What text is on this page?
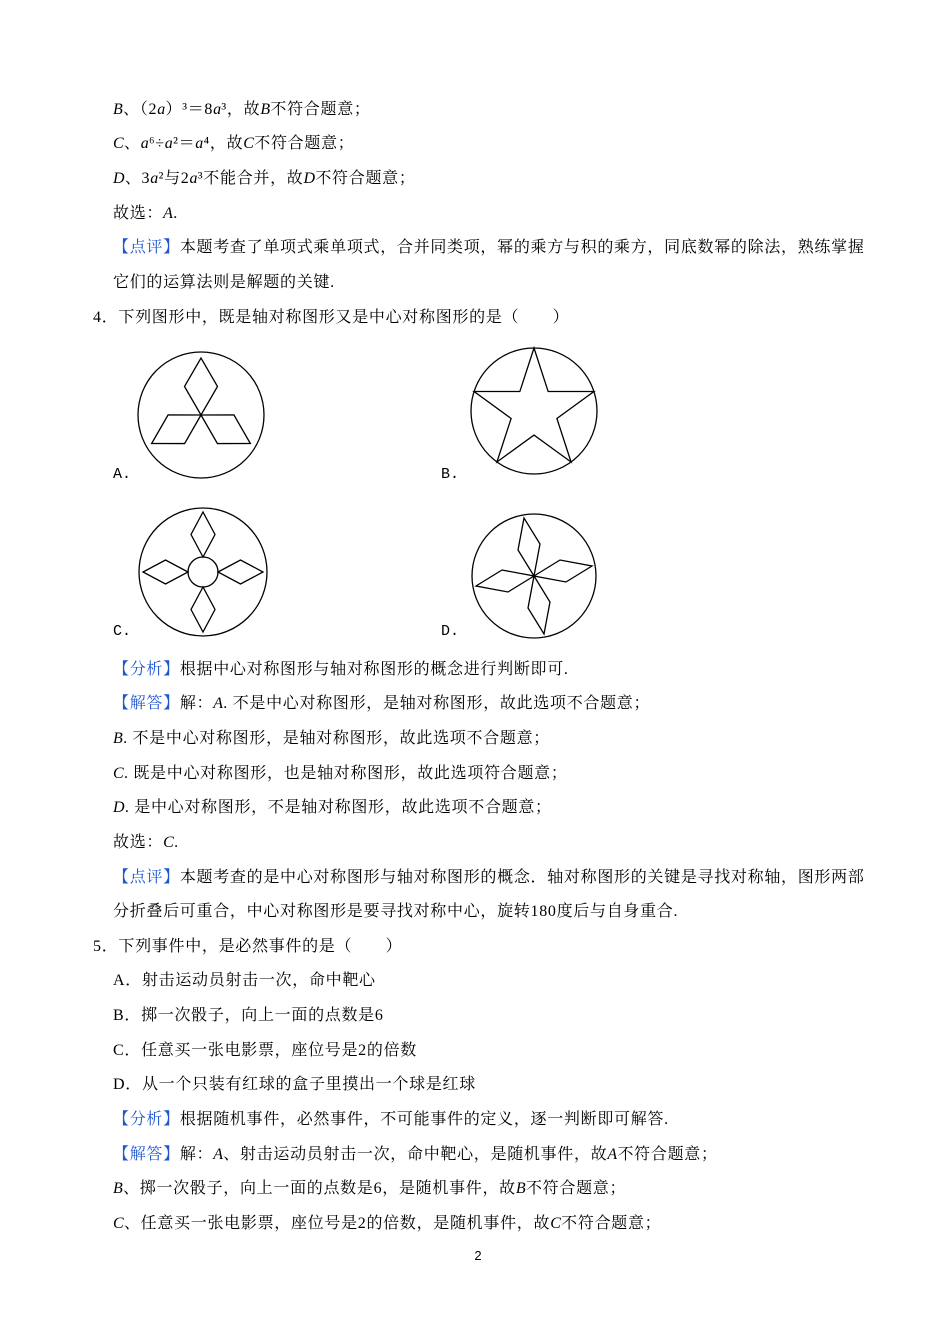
B、（2a）³＝8a³，故B不符合题意；
C、a⁶÷a²＝a⁴，故C不符合题意；
D、3a²与2a³不能合并，故D不符合题意；
故选：A.
【点评】本题考查了单项式乘单项式，合并同类项，幂的乘方与积的乘方，同底数幂的除法，熟练掌握
它们的运算法则是解题的关键.
4．下列图形中，既是轴对称图形又是中心对称图形的是（　　）
A.	B.
C.	D.
【分析】根据中心对称图形与轴对称图形的概念进行判断即可.
【解答】解：A. 不是中心对称图形，是轴对称图形，故此选项不合题意；
B. 不是中心对称图形，是轴对称图形，故此选项不合题意；
C. 既是中心对称图形，也是轴对称图形，故此选项符合题意；
D. 是中心对称图形，不是轴对称图形，故此选项不合题意；
故选：C.
【点评】本题考查的是中心对称图形与轴对称图形的概念．轴对称图形的关键是寻找对称轴，图形两部
分折叠后可重合，中心对称图形是要寻找对称中心，旋转180度后与自身重合.
5．下列事件中，是必然事件的是（　　）
A．射击运动员射击一次，命中靶心
B．掷一次骰子，向上一面的点数是6
C．任意买一张电影票，座位号是2的倍数
D．从一个只装有红球的盒子里摸出一个球是红球
【分析】根据随机事件，必然事件，不可能事件的定义，逐一判断即可解答.
【解答】解：A、射击运动员射击一次，命中靶心，是随机事件，故A不符合题意；
B、掷一次骰子，向上一面的点数是6，是随机事件，故B不符合题意；
C、任意买一张电影票，座位号是2的倍数，是随机事件，故C不符合题意；
2
